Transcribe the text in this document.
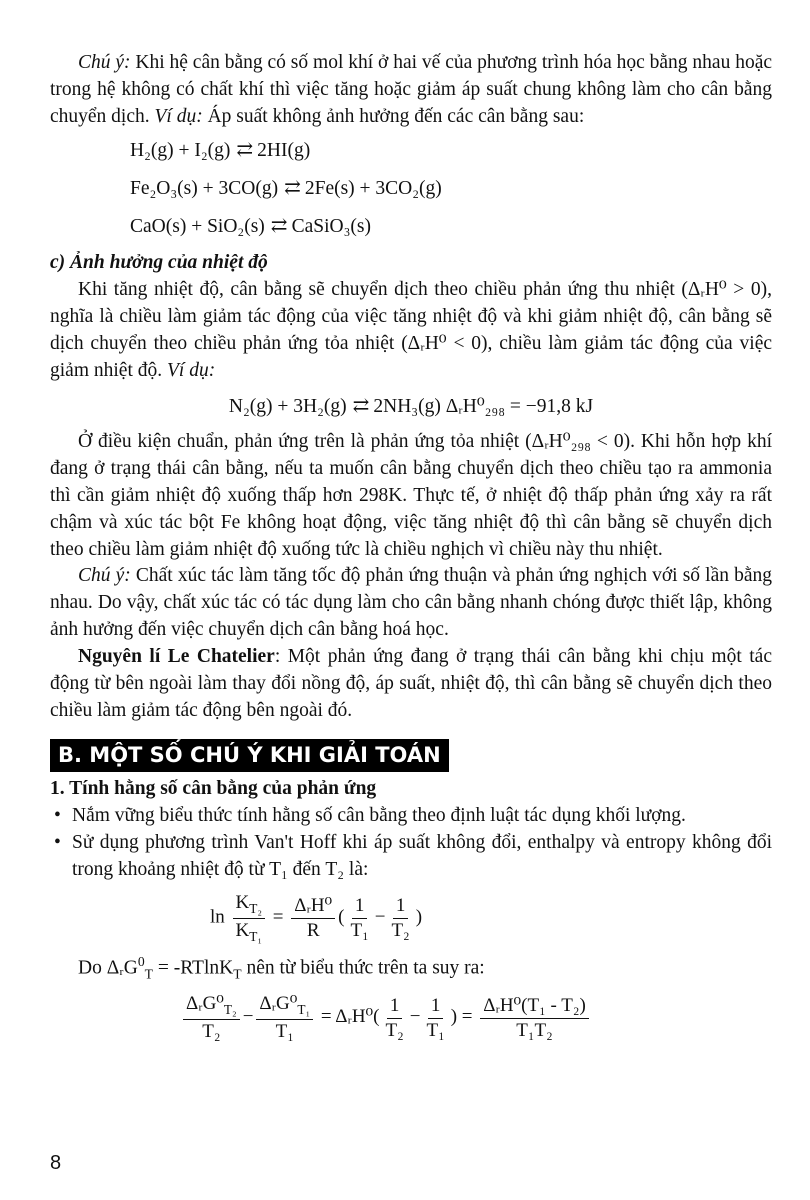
Chú ý: Khi hệ cân bằng có số mol khí ở hai vế của phương trình hóa học bằng nhau hoặc trong hệ không có chất khí thì việc tăng hoặc giảm áp suất chung không làm cho cân bằng chuyển dịch. Ví dụ: Áp suất không ảnh hưởng đến các cân bằng sau:

H₂(g) + I₂(g) ⇄ 2HI(g)
Fe₂O₃(s) + 3CO(g) ⇄ 2Fe(s) + 3CO₂(g)
CaO(s) + SiO₂(s) ⇄ CaSiO₃(s)

c) Ảnh hưởng của nhiệt độ

Khi tăng nhiệt độ, cân bằng sẽ chuyển dịch theo chiều phản ứng thu nhiệt (ΔᵣH⁰ > 0), nghĩa là chiều làm giảm tác động của việc tăng nhiệt độ và khi giảm nhiệt độ, cân bằng sẽ dịch chuyển theo chiều phản ứng tỏa nhiệt (ΔᵣH⁰ < 0), chiều làm giảm tác động của việc giảm nhiệt độ. Ví dụ:

N₂(g) + 3H₂(g) ⇄ 2NH₃(g) ΔᵣH⁰₂₉₈ = −91,8 kJ

Ở điều kiện chuẩn, phản ứng trên là phản ứng tỏa nhiệt (ΔᵣH⁰₂₉₈ < 0). Khi hỗn hợp khí đang ở trạng thái cân bằng, nếu ta muốn cân bằng chuyển dịch theo chiều tạo ra ammonia thì cần giảm nhiệt độ xuống thấp hơn 298K. Thực tế, ở nhiệt độ thấp phản ứng xảy ra rất chậm và xúc tác bột Fe không hoạt động, việc tăng nhiệt độ thì cân bằng sẽ chuyển dịch theo chiều làm giảm nhiệt độ xuống tức là chiều nghịch vì chiều này thu nhiệt.

Chú ý: Chất xúc tác làm tăng tốc độ phản ứng thuận và phản ứng nghịch với số lần bằng nhau. Do vậy, chất xúc tác có tác dụng làm cho cân bằng nhanh chóng được thiết lập, không ảnh hưởng đến việc chuyển dịch cân bằng hoá học.

Nguyên lí Le Chatelier: Một phản ứng đang ở trạng thái cân bằng khi chịu một tác động từ bên ngoài làm thay đổi nồng độ, áp suất, nhiệt độ, thì cân bằng sẽ chuyển dịch theo chiều làm giảm tác động bên ngoài đó.

B. MỘT SỐ CHÚ Ý KHI GIẢI TOÁN

1. Tính hằng số cân bằng của phản ứng

• Nắm vững biểu thức tính hằng số cân bằng theo định luật tác dụng khối lượng.
• Sử dụng phương trình Van't Hoff khi áp suất không đổi, enthalpy và entropy không đổi trong khoảng nhiệt độ từ T₁ đến T₂ là:
$\ln \frac{K_{T_2}}{K_{T_1}} = \frac{\text{ΔᵣH⁰}}{R}$ ( $\frac{1}{\text{T₁}} - \frac{1}{\text{T₂}}$ )

Do ΔᵣG$^0_T$ = -RTlnK$_T$ nên từ biểu thức trên ta suy ra:

$\frac{\Delta ᵣG^0_{T_2}}{\text{T₂}} - \frac{\Delta ᵣG^0_{T_1}}{\text{T₁}}$ = ΔᵣH⁰( $\frac{1}{\text{T₂}} - \frac{1}{\text{T₁}}$ ) = $\frac{\text{ΔᵣH⁰(T₁ - T₂)}}{\text{T₁T₂}}$
8
